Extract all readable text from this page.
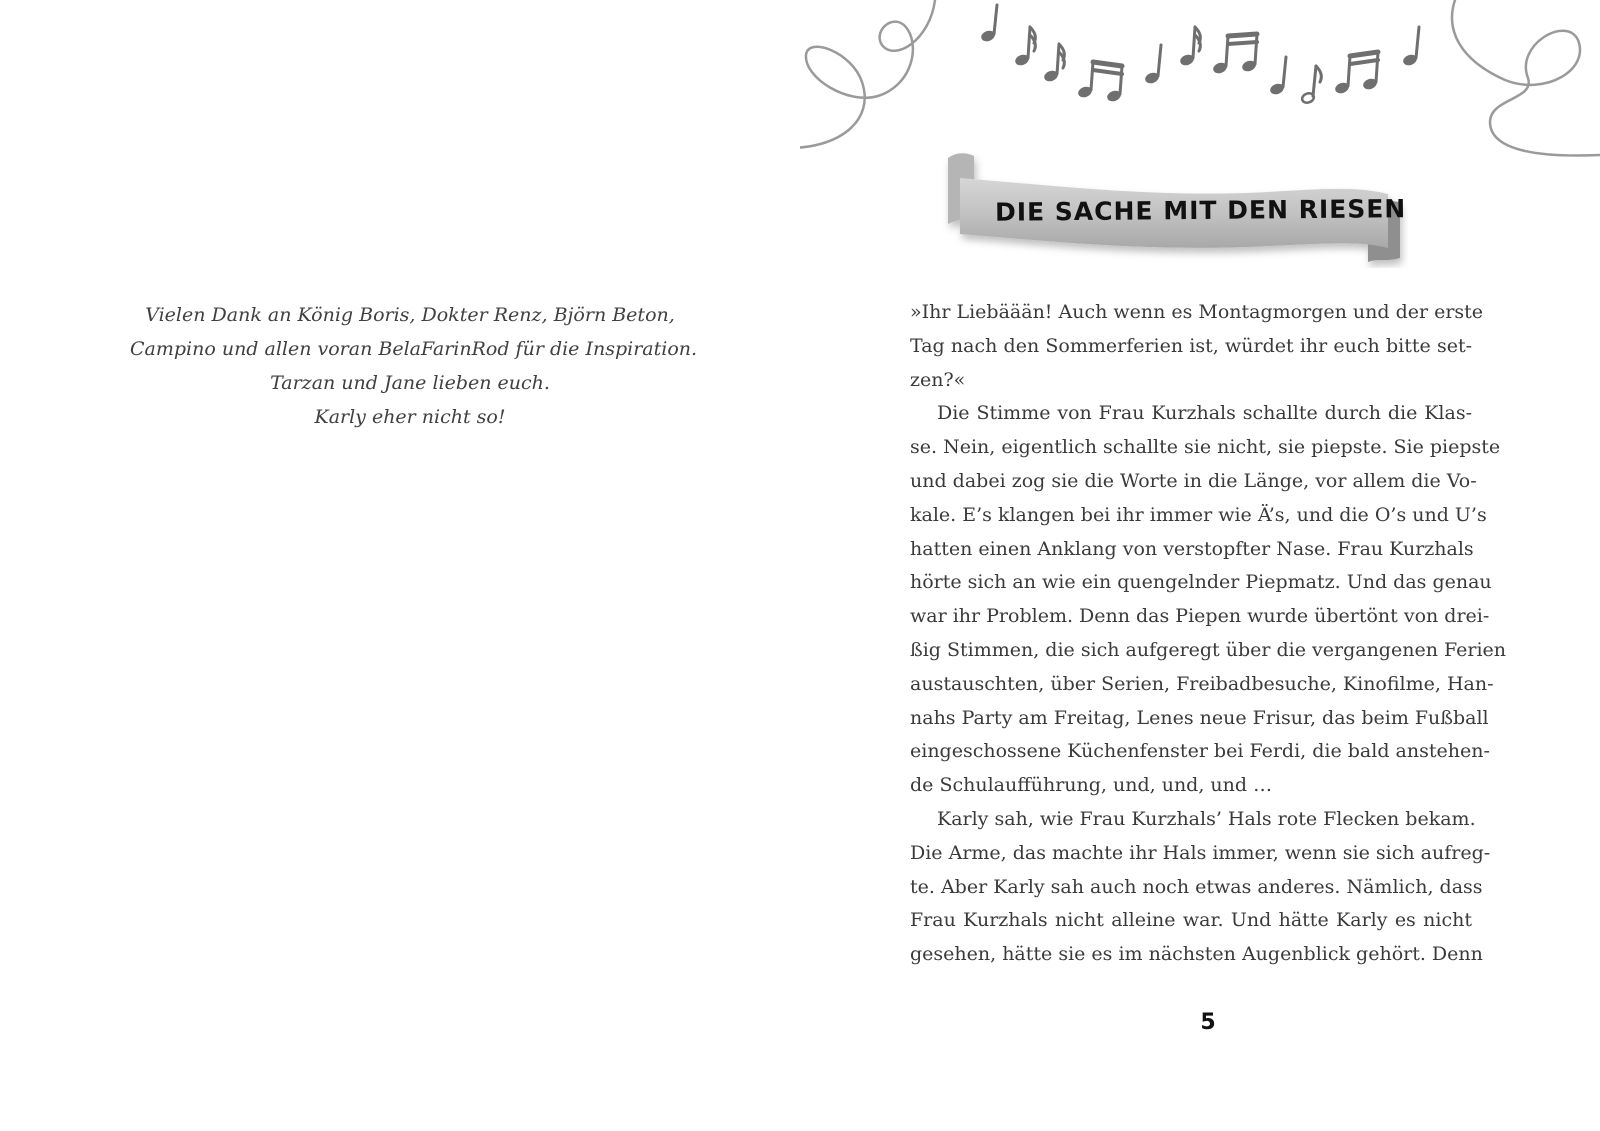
Vielen Dank an König Boris, Dokter Renz, Björn Beton,
Campino und allen voran BelaFarinRod für die Inspiration.
Tarzan und Jane lieben euch.
Karly eher nicht so!
DIE SACHE MIT DEN RIESEN
»Ihr Liebäään! Auch wenn es Montagmorgen und der erste
Tag nach den Sommerferien ist, würdet ihr euch bitte set-
zen?«
Die Stimme von Frau Kurzhals schallte durch die Klas-
se. Nein, eigentlich schallte sie nicht, sie piepste. Sie piepste
und dabei zog sie die Worte in die Länge, vor allem die Vo-
kale. E’s klangen bei ihr immer wie Ä’s, und die O’s und U’s
hatten einen Anklang von verstopfter Nase. Frau Kurzhals
hörte sich an wie ein quengelnder Piepmatz. Und das genau
war ihr Problem. Denn das Piepen wurde übertönt von drei-
ßig Stimmen, die sich aufgeregt über die vergangenen Ferien
austauschten, über Serien, Freibadbesuche, Kinofilme, Han-
nahs Party am Freitag, Lenes neue Frisur, das beim Fußball
eingeschossene Küchenfenster bei Ferdi, die bald anstehen-
de Schulaufführung, und, und, und …
Karly sah, wie Frau Kurzhals’ Hals rote Flecken bekam.
Die Arme, das machte ihr Hals immer, wenn sie sich aufreg-
te. Aber Karly sah auch noch etwas anderes. Nämlich, dass
Frau Kurzhals nicht alleine war. Und hätte Karly es nicht
gesehen, hätte sie es im nächsten Augenblick gehört. Denn
5
